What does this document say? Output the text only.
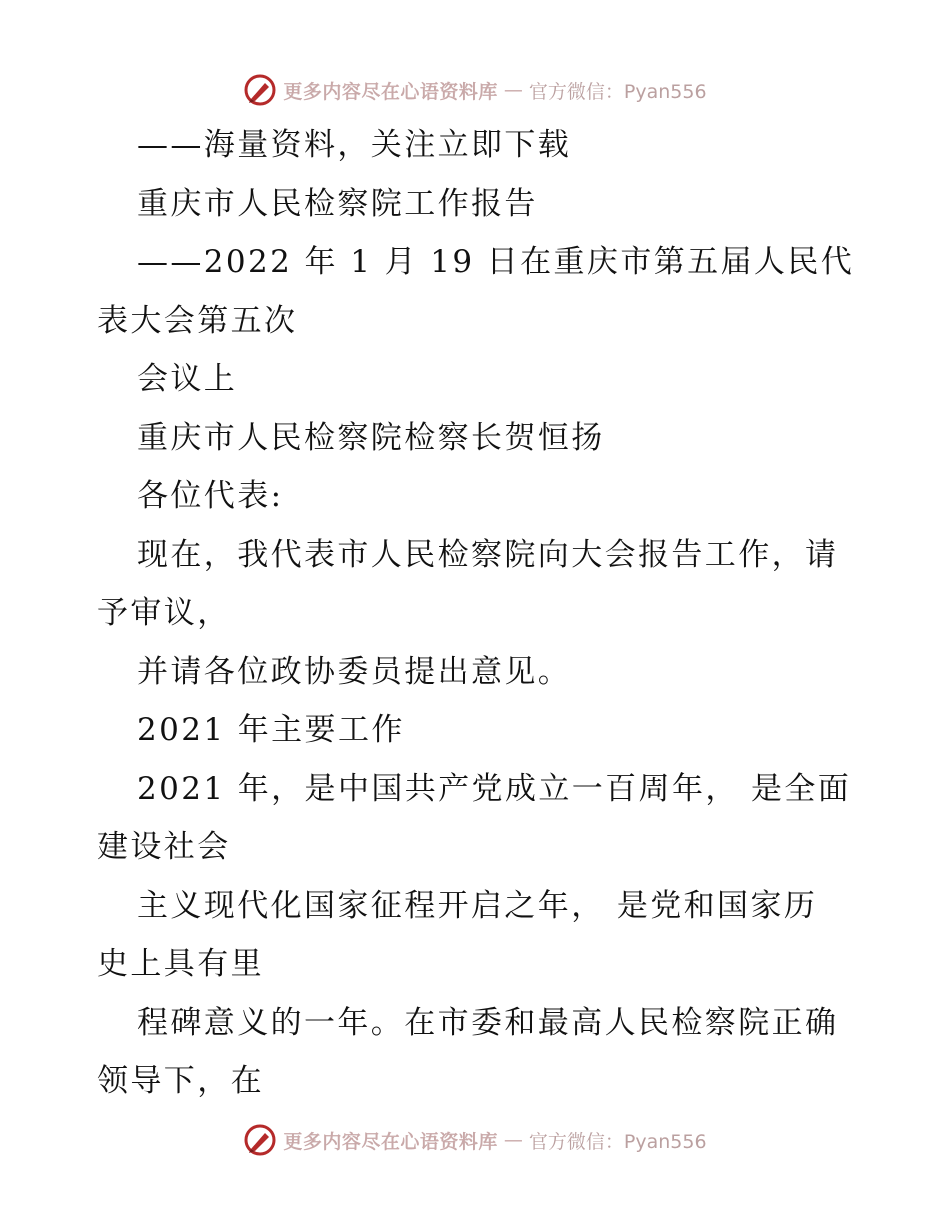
更多内容尽在心语资料库 — 官方微信：Pyan556
——海量资料，关注立即下载
重庆市人民检察院工作报告
——2022 年 1 月 19 日在重庆市第五届人民代
表大会第五次
会议上
重庆市人民检察院检察长贺恒扬
各位代表:
现在，我代表市人民检察院向大会报告工作，请
予审议，
并请各位政协委员提出意见。
2021 年主要工作
2021 年，是中国共产党成立一百周年， 是全面
建设社会
主义现代化国家征程开启之年， 是党和国家历
史上具有里
程碑意义的一年。在市委和最高人民检察院正确
领导下，在
更多内容尽在心语资料库 — 官方微信：Pyan556
